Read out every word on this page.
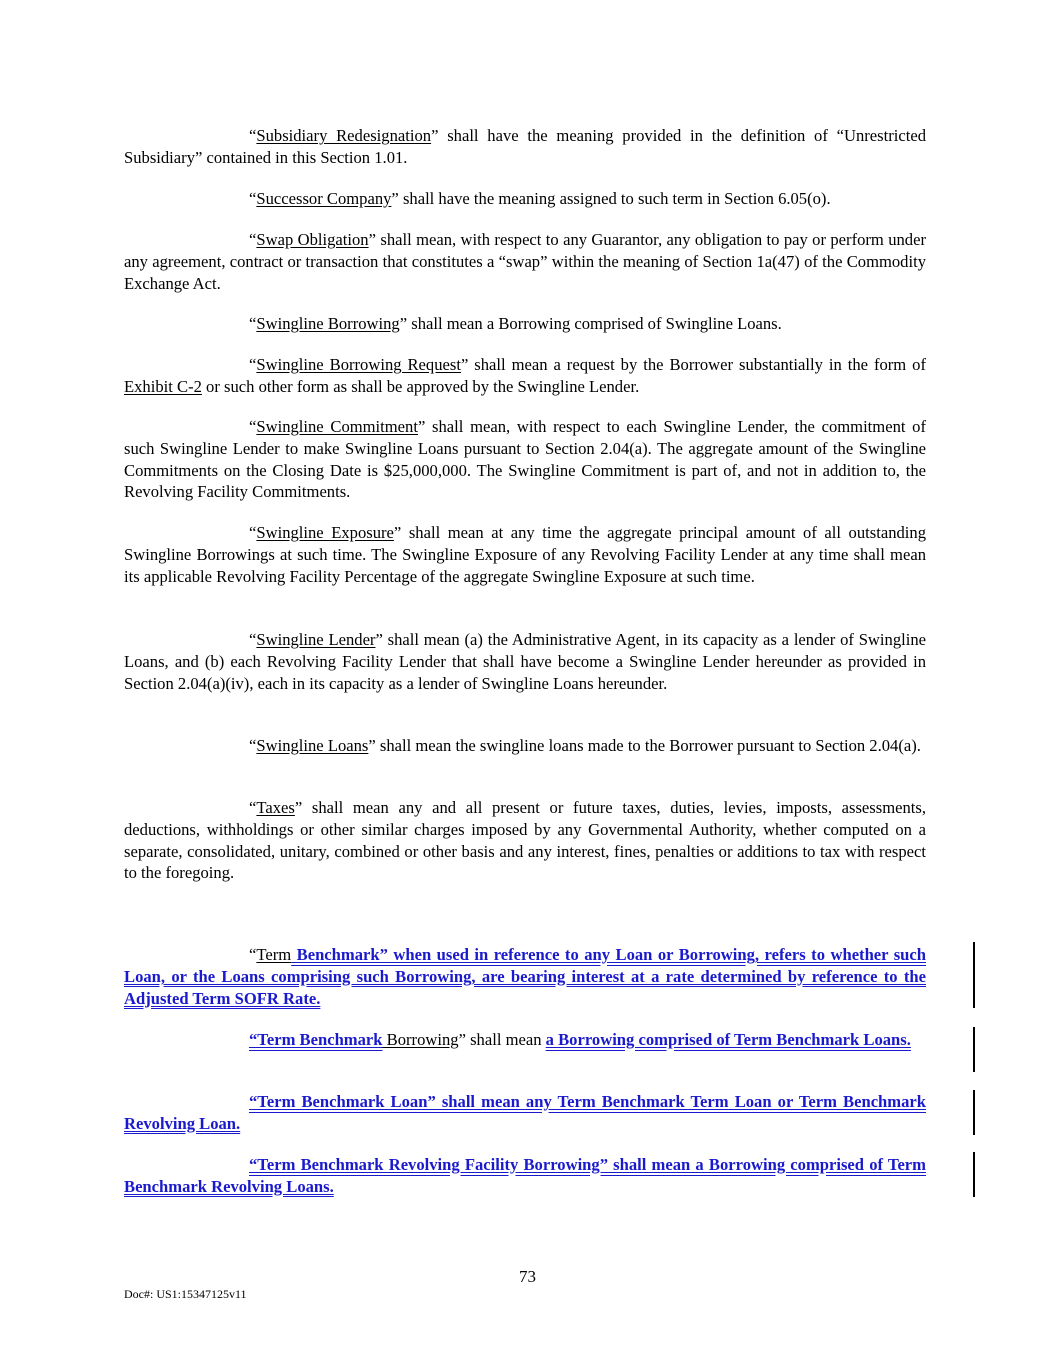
“Subsidiary Redesignation” shall have the meaning provided in the definition of “Unrestricted Subsidiary” contained in this Section 1.01.

“Successor Company” shall have the meaning assigned to such term in Section 6.05(o).

“Swap Obligation” shall mean, with respect to any Guarantor, any obligation to pay or perform under any agreement, contract or transaction that constitutes a “swap” within the meaning of Section 1a(47) of the Commodity Exchange Act.

“Swingline Borrowing” shall mean a Borrowing comprised of Swingline Loans.

“Swingline Borrowing Request” shall mean a request by the Borrower substantially in the form of Exhibit C-2 or such other form as shall be approved by the Swingline Lender.

“Swingline Commitment” shall mean, with respect to each Swingline Lender, the commitment of such Swingline Lender to make Swingline Loans pursuant to Section 2.04(a). The aggregate amount of the Swingline Commitments on the Closing Date is $25,000,000. The Swingline Commitment is part of, and not in addition to, the Revolving Facility Commitments.

“Swingline Exposure” shall mean at any time the aggregate principal amount of all outstanding Swingline Borrowings at such time. The Swingline Exposure of any Revolving Facility Lender at any time shall mean its applicable Revolving Facility Percentage of the aggregate Swingline Exposure at such time.

“Swingline Lender” shall mean (a) the Administrative Agent, in its capacity as a lender of Swingline Loans, and (b) each Revolving Facility Lender that shall have become a Swingline Lender hereunder as provided in Section 2.04(a)(iv), each in its capacity as a lender of Swingline Loans hereunder.

“Swingline Loans” shall mean the swingline loans made to the Borrower pursuant to Section 2.04(a).

“Taxes” shall mean any and all present or future taxes, duties, levies, imposts, assessments, deductions, withholdings or other similar charges imposed by any Governmental Authority, whether computed on a separate, consolidated, unitary, combined or other basis and any interest, fines, penalties or additions to tax with respect to the foregoing.

“Term Benchmark” when used in reference to any Loan or Borrowing, refers to whether such Loan, or the Loans comprising such Borrowing, are bearing interest at a rate determined by reference to the Adjusted Term SOFR Rate.

“Term Benchmark Borrowing” shall mean a Borrowing comprised of Term Benchmark Loans.

“Term Benchmark Loan” shall mean any Term Benchmark Term Loan or Term Benchmark Revolving Loan.

“Term Benchmark Revolving Facility Borrowing” shall mean a Borrowing comprised of Term Benchmark Revolving Loans.

73
Doc#: US1:15347125v11
